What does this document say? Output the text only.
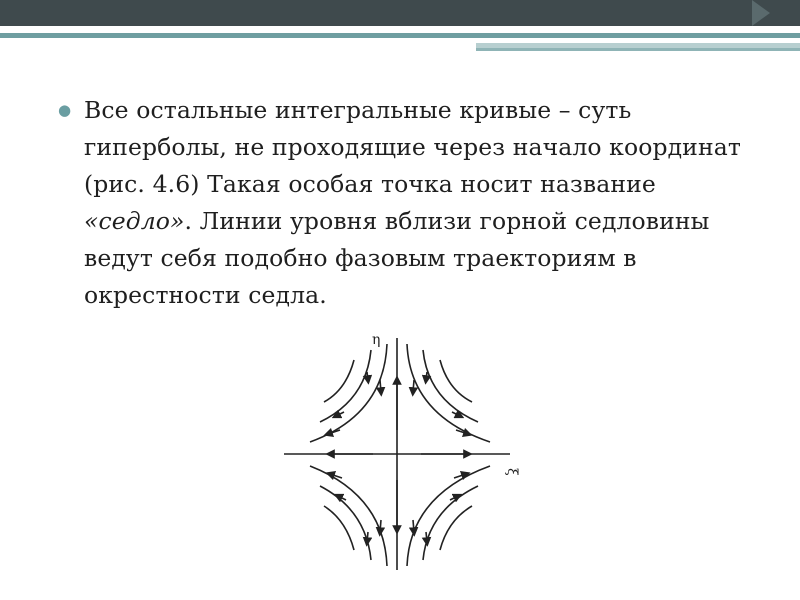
● Все остальные интегральные кривые – суть гиперболы, не проходящие через начало координат (рис. 4.6) Такая особая точка носит название «седло». Линии уровня вблизи горной седловины ведут себя подобно фазовым траекториям в окрестности седла.

η
ξ
